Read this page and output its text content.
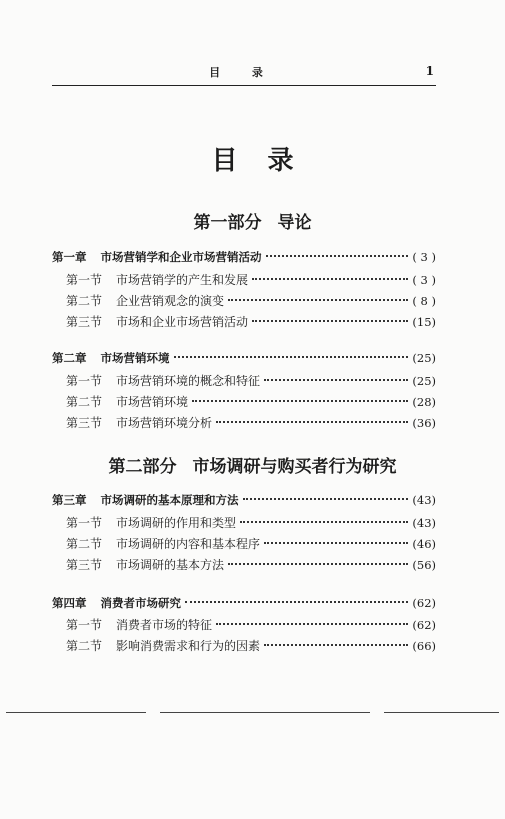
目 录	1
目录
第一部分 导论
第一章 市场营销学和企业市场营销活动	( 3 )
第一节 市场营销学的产生和发展	( 3 )
第二节 企业营销观念的演变	( 8 )
第三节 市场和企业市场营销活动	(15)
第二章 市场营销环境	(25)
第一节 市场营销环境的概念和特征	(25)
第二节 市场营销环境	(28)
第三节 市场营销环境分析	(36)
第二部分 市场调研与购买者行为研究
第三章 市场调研的基本原理和方法	(43)
第一节 市场调研的作用和类型	(43)
第二节 市场调研的内容和基本程序	(46)
第三节 市场调研的基本方法	(56)
第四章 消费者市场研究	(62)
第一节 消费者市场的特征	(62)
第二节 影响消费需求和行为的因素	(66)
